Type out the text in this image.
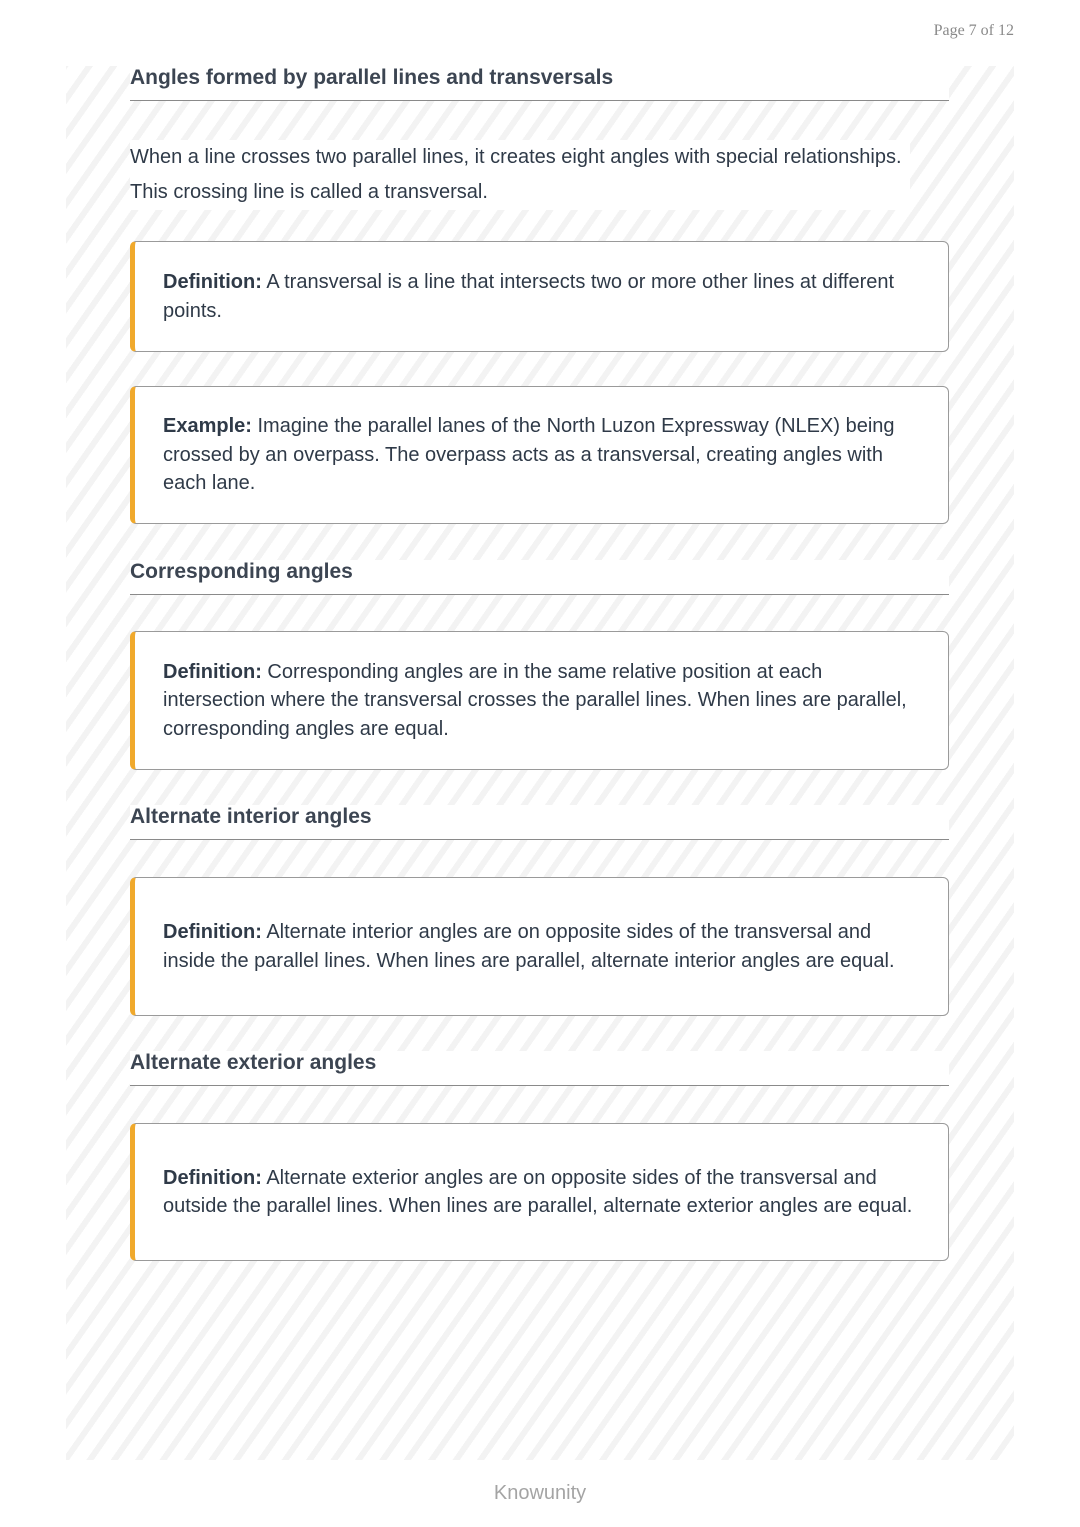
Page 7 of 12
Angles formed by parallel lines and transversals
When a line crosses two parallel lines, it creates eight angles with special relationships. This crossing line is called a transversal.
Definition: A transversal is a line that intersects two or more other lines at different points.
Example: Imagine the parallel lanes of the North Luzon Expressway (NLEX) being crossed by an overpass. The overpass acts as a transversal, creating angles with each lane.
Corresponding angles
Definition: Corresponding angles are in the same relative position at each intersection where the transversal crosses the parallel lines. When lines are parallel, corresponding angles are equal.
Alternate interior angles
Definition: Alternate interior angles are on opposite sides of the transversal and inside the parallel lines. When lines are parallel, alternate interior angles are equal.
Alternate exterior angles
Definition: Alternate exterior angles are on opposite sides of the transversal and outside the parallel lines. When lines are parallel, alternate exterior angles are equal.
Knowunity
